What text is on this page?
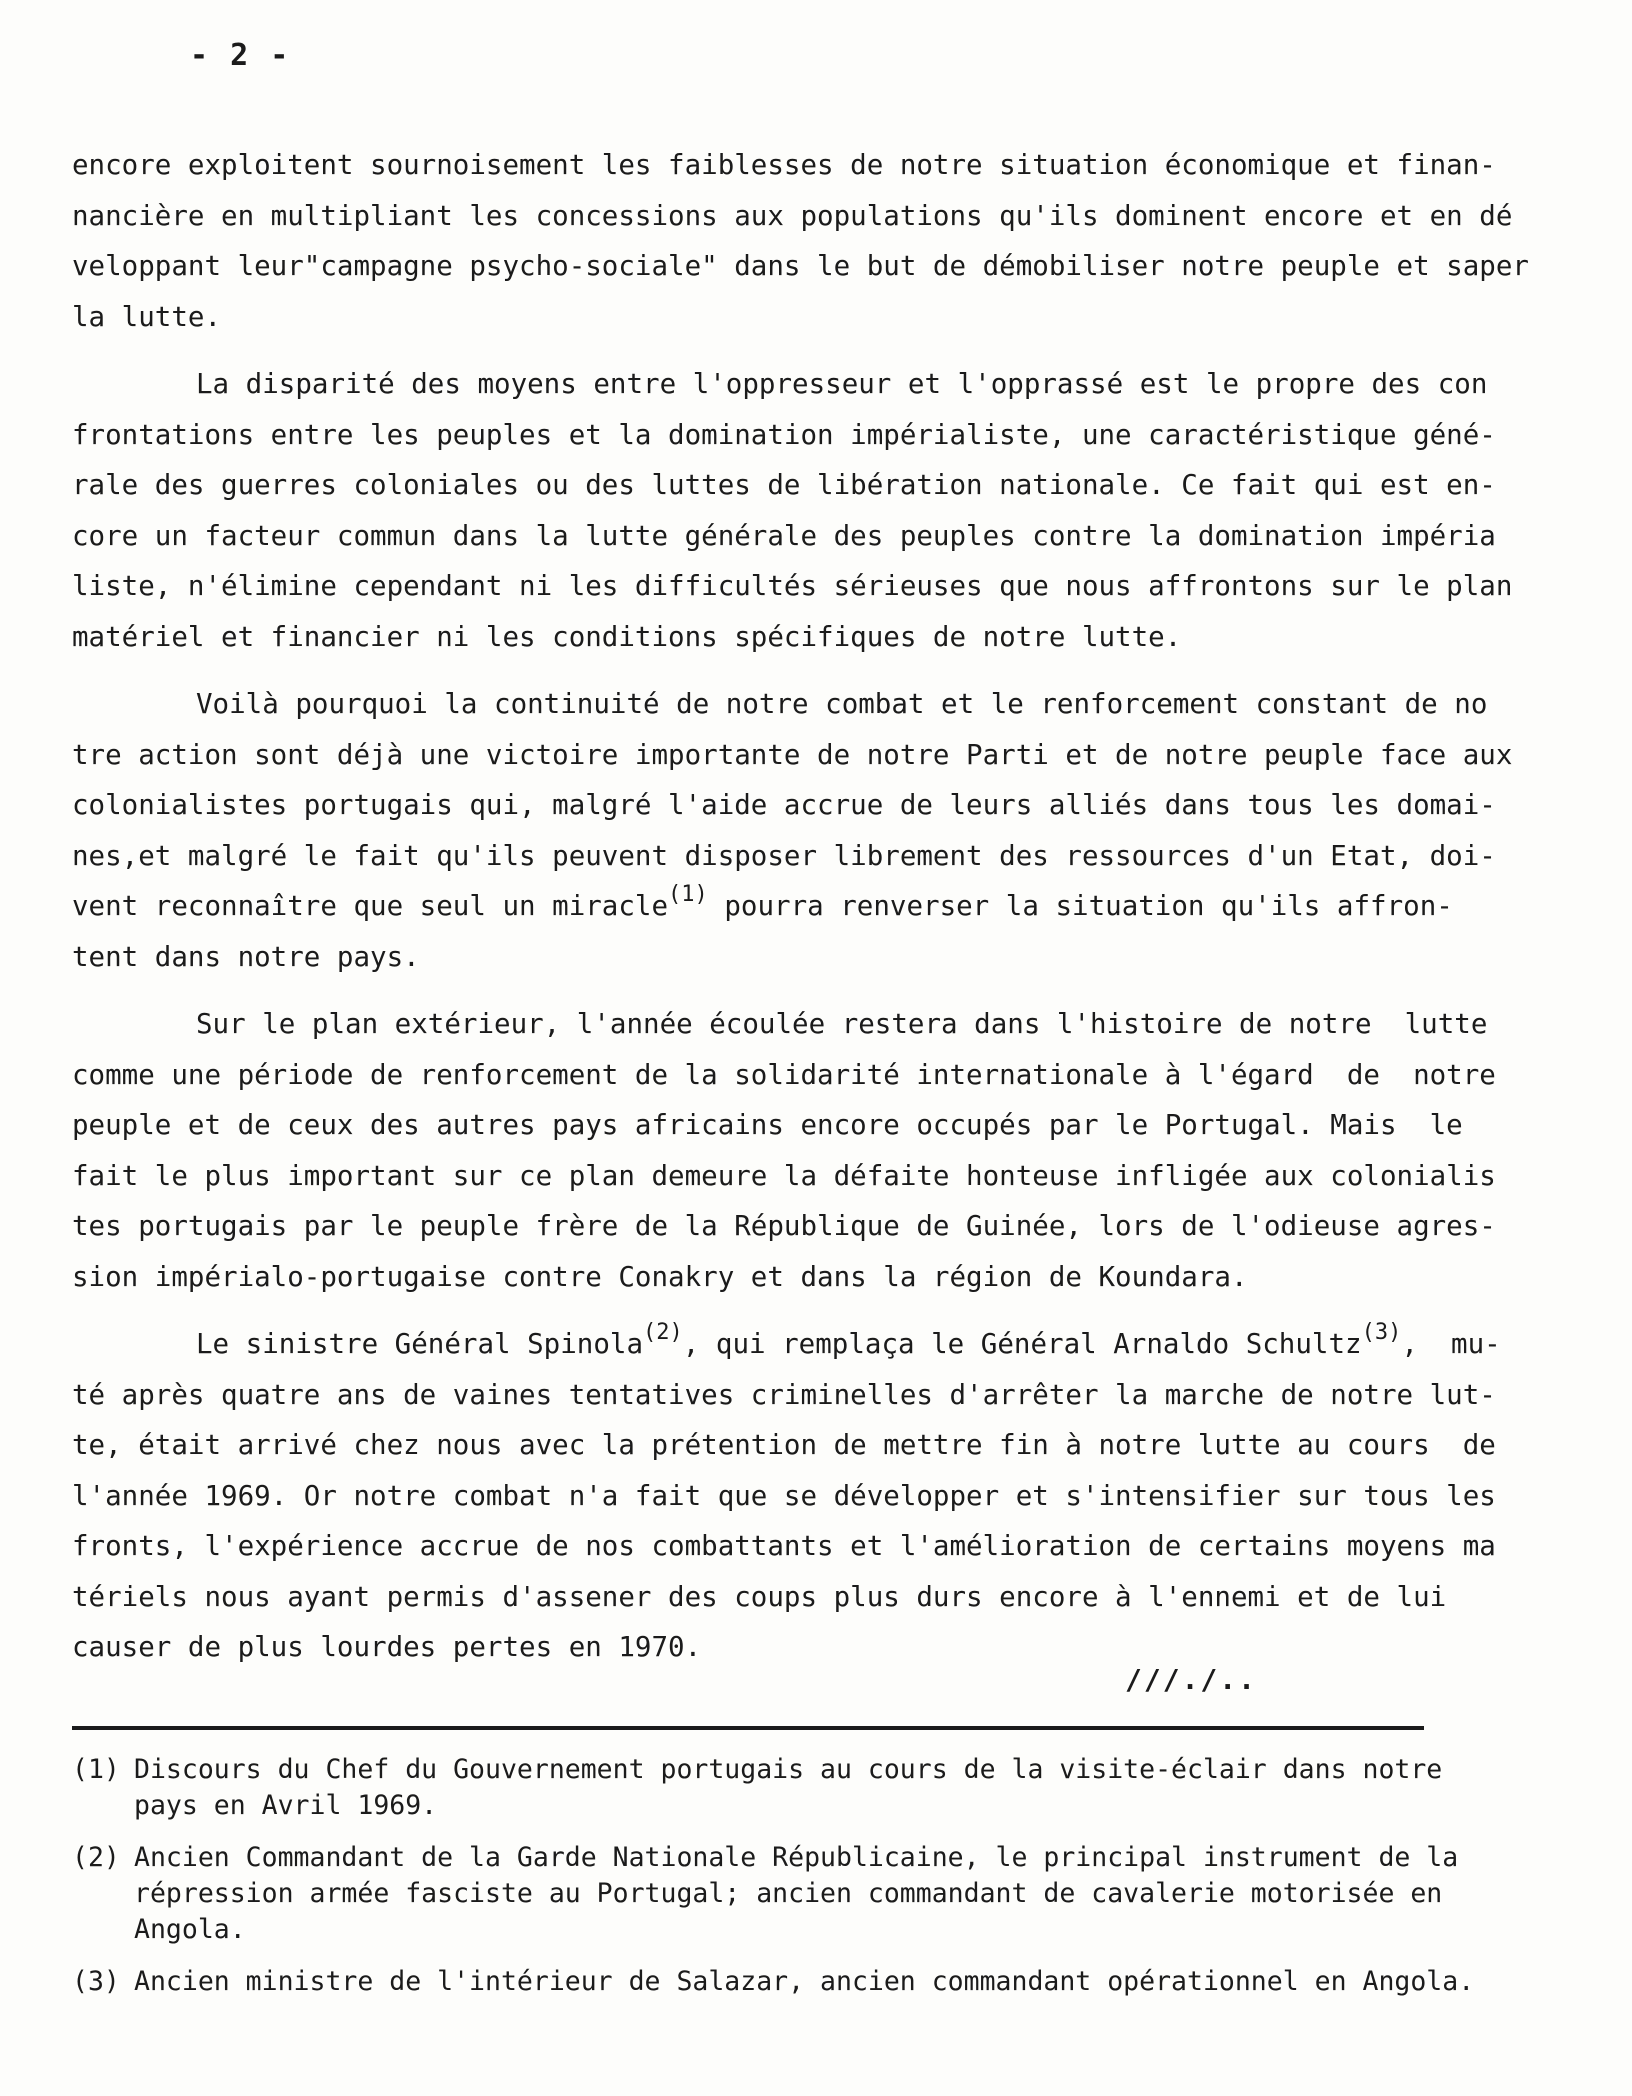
- 2 -

encore exploitent sournoisement les faiblesses de notre situation économique et finan-
nancière en multipliant les concessions aux populations qu'ils dominent encore et en dé
veloppant leur"campagne psycho-sociale" dans le but de démobiliser notre peuple et saper
la lutte.

La disparité des moyens entre l'oppresseur et l'opprassé est le propre des con
frontations entre les peuples et la domination impérialiste, une caractéristique géné-
rale des guerres coloniales ou des luttes de libération nationale. Ce fait qui est en-
core un facteur commun dans la lutte générale des peuples contre la domination impéria
liste, n'élimine cependant ni les difficultés sérieuses que nous affrontons sur le plan
matériel et financier ni les conditions spécifiques de notre lutte.

Voilà pourquoi la continuité de notre combat et le renforcement constant de no
tre action sont déjà une victoire importante de notre Parti et de notre peuple face aux
colonialistes portugais qui, malgré l'aide accrue de leurs alliés dans tous les domai-
nes,et malgré le fait qu'ils peuvent disposer librement des ressources d'un Etat, doi-
vent reconnaître que seul un miracle$^{(1)}$ pourra renverser la situation qu'ils affron-
tent dans notre pays.

Sur le plan extérieur, l'année écoulée restera dans l'histoire de notre  lutte
comme une période de renforcement de la solidarité internationale à l'égard  de  notre
peuple et de ceux des autres pays africains encore occupés par le Portugal. Mais  le
fait le plus important sur ce plan demeure la défaite honteuse infligée aux colonialis
tes portugais par le peuple frère de la République de Guinée, lors de l'odieuse agres-
sion impérialo-portugaise contre Conakry et dans la région de Koundara.

Le sinistre Général Spinola$^{(2)}$, qui remplaça le Général Arnaldo Schultz$^{(3)}$,  mu-
té après quatre ans de vaines tentatives criminelles d'arrêter la marche de notre lut-
te, était arrivé chez nous avec la prétention de mettre fin à notre lutte au cours  de
l'année 1969. Or notre combat n'a fait que se développer et s'intensifier sur tous les
fronts, l'expérience accrue de nos combattants et l'amélioration de certains moyens ma
tériels nous ayant permis d'assener des coups plus durs encore à l'ennemi et de lui
causer de plus lourdes pertes en 1970.

///./..
(1) Discours du Chef du Gouvernement portugais au cours de la visite-éclair dans notre
pays en Avril 1969.
(2) Ancien Commandant de la Garde Nationale Républicaine, le principal instrument de la
répression armée fasciste au Portugal; ancien commandant de cavalerie motorisée en
Angola.
(3) Ancien ministre de l'intérieur de Salazar, ancien commandant opérationnel en Angola.
